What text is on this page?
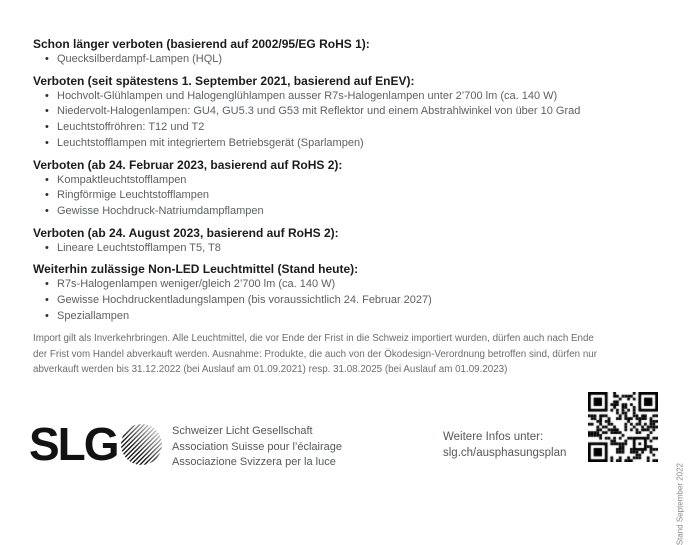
Schon länger verboten (basierend auf 2002/95/EG RoHS 1):
• Quecksilberdampf-Lampen (HQL)
Verboten (seit spätestens 1. September 2021, basierend auf EnEV):
• Hochvolt-Glühlampen und Halogenglühlampen ausser R7s-Halogenlampen unter 2’700 lm (ca. 140 W)
• Niedervolt-Halogenlampen: GU4, GU5.3 und G53 mit Reflektor und einem Abstrahlwinkel von über 10 Grad
• Leuchtstoffröhren: T12 und T2
• Leuchtstofflampen mit integriertem Betriebsgerät (Sparlampen)
Verboten (ab 24. Februar 2023, basierend auf RoHS 2):
• Kompaktleuchtstofflampen
• Ringförmige Leuchtstofflampen
• Gewisse Hochdruck-Natriumdampflampen
Verboten (ab 24. August 2023, basierend auf RoHS 2):
• Lineare Leuchtstofflampen T5, T8
Weiterhin zulässige Non-LED Leuchtmittel (Stand heute):
• R7s-Halogenlampen weniger/gleich 2’700 lm (ca. 140 W)
• Gewisse Hochdruckentladungslampen (bis voraussichtlich 24. Februar 2027)
• Speziallampen
Import gilt als Inverkehrbringen. Alle Leuchtmittel, die vor Ende der Frist in die Schweiz importiert wurden, dürfen auch nach Ende
der Frist vom Handel abverkauft werden. Ausnahme: Produkte, die auch von der Ökodesign-Verordnung betroffen sind, dürfen nur
abverkauft werden bis 31.12.2022 (bei Auslauf am 01.09.2021) resp. 31.08.2025 (bei Auslauf am 01.09.2023)
SLG	Schweizer Licht Gesellschaft
Association Suisse pour l’éclairage
Associazione Svizzera per la luce
Weitere Infos unter:
slg.ch/ausphasungsplan
Stand September 2022
